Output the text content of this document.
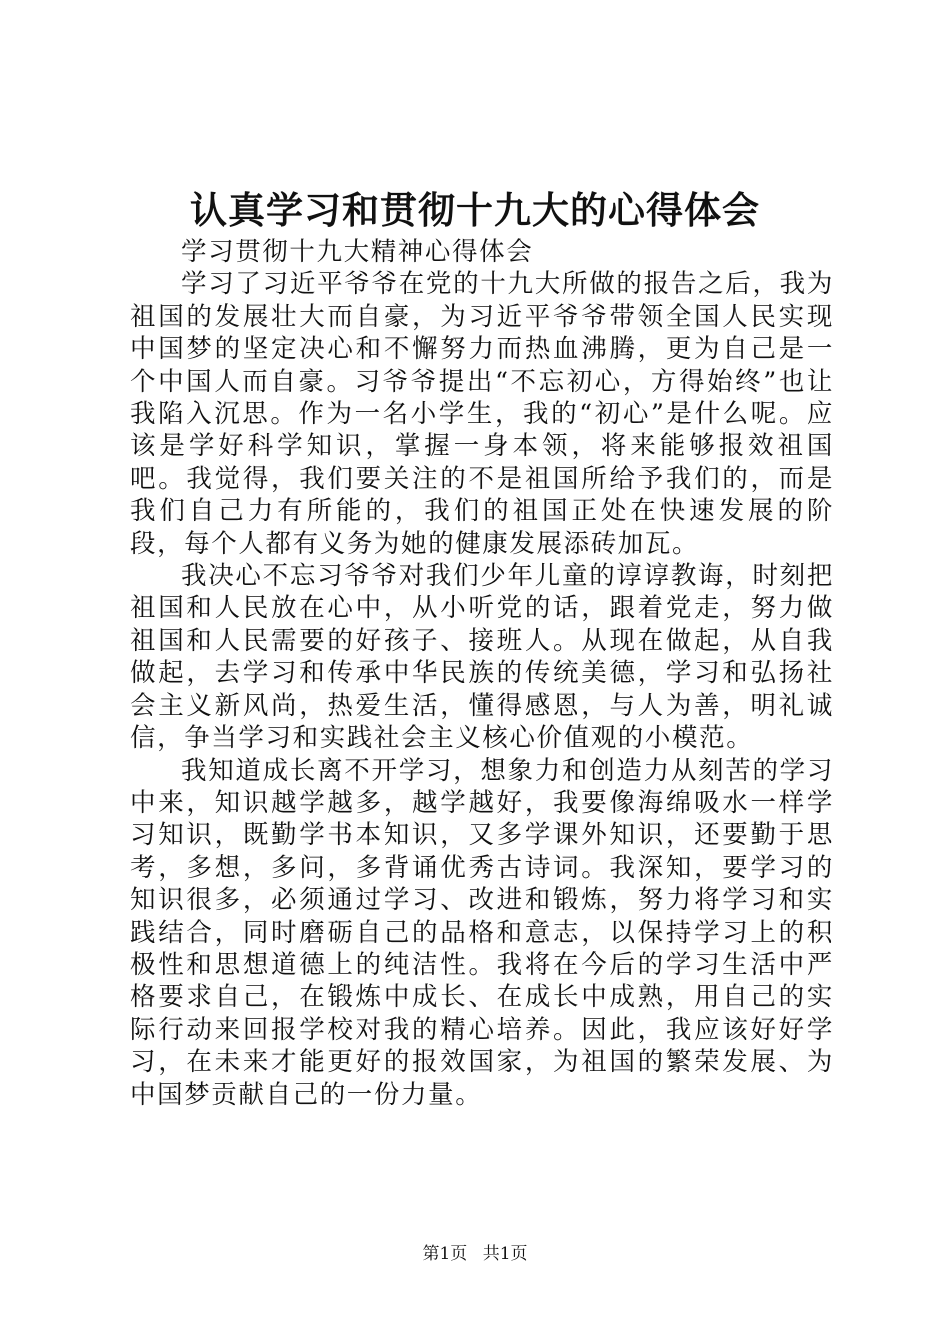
认真学习和贯彻十九大的心得体会

学习贯彻十九大精神心得体会

学习了习近平爷爷在党的十九大所做的报告之后，我为祖国的发展壮大而自豪，为习近平爷爷带领全国人民实现中国梦的坚定决心和不懈努力而热血沸腾，更为自己是一个中国人而自豪。习爷爷提出“不忘初心，方得始终”也让我陷入沉思。作为一名小学生，我的“初心”是什么呢。应该是学好科学知识，掌握一身本领，将来能够报效祖国吧。我觉得，我们要关注的不是祖国所给予我们的，而是我们自己力有所能的，我们的祖国正处在快速发展的阶段，每个人都有义务为她的健康发展添砖加瓦。

我决心不忘习爷爷对我们少年儿童的谆谆教诲，时刻把祖国和人民放在心中，从小听党的话，跟着党走，努力做祖国和人民需要的好孩子、接班人。从现在做起，从自我做起，去学习和传承中华民族的传统美德，学习和弘扬社会主义新风尚，热爱生活，懂得感恩，与人为善，明礼诚信，争当学习和实践社会主义核心价值观的小模范。

我知道成长离不开学习，想象力和创造力从刻苦的学习中来，知识越学越多，越学越好，我要像海绵吸水一样学习知识，既勤学书本知识，又多学课外知识，还要勤于思考，多想，多问，多背诵优秀古诗词。我深知，要学习的知识很多，必须通过学习、改进和锻炼，努力将学习和实践结合，同时磨砺自己的品格和意志，以保持学习上的积极性和思想道德上的纯洁性。我将在今后的学习生活中严格要求自己，在锻炼中成长、在成长中成熟，用自己的实际行动来回报学校对我的精心培养。因此，我应该好好学习，在未来才能更好的报效国家，为祖国的繁荣发展、为中国梦贡献自己的一份力量。

第1页 共1页
